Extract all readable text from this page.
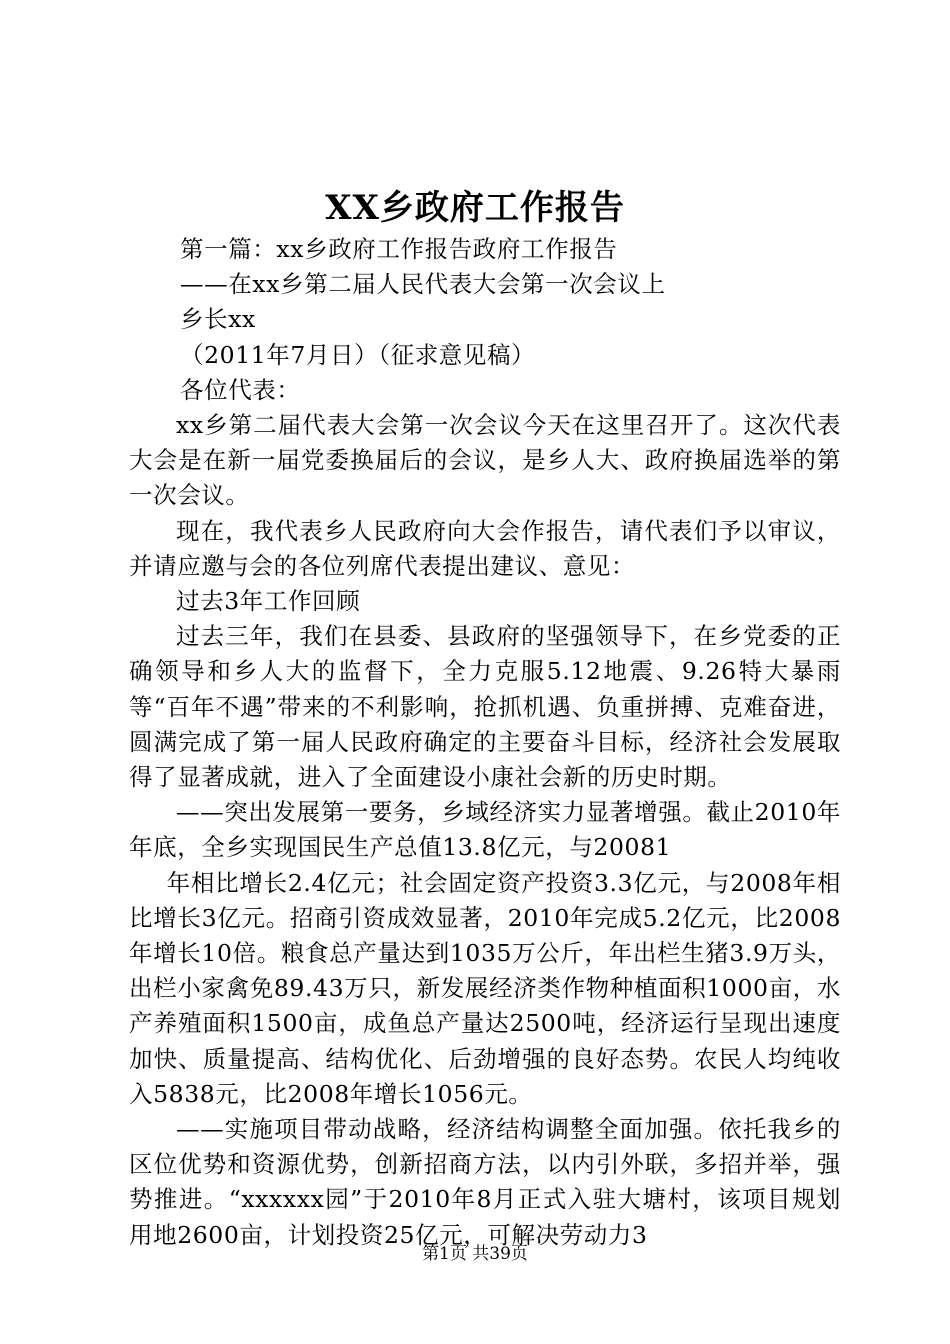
XX乡政府工作报告
第一篇：xx乡政府工作报告政府工作报告
——在xx乡第二届人民代表大会第一次会议上
乡长xx
（2011年7月日）（征求意见稿）
各位代表：
xx乡第二届代表大会第一次会议今天在这里召开了。这次代表大会是在新一届党委换届后的会议，是乡人大、政府换届选举的第一次会议。
现在，我代表乡人民政府向大会作报告，请代表们予以审议，并请应邀与会的各位列席代表提出建议、意见：
过去3年工作回顾
过去三年，我们在县委、县政府的坚强领导下，在乡党委的正确领导和乡人大的监督下，全力克服5.12地震、9.26特大暴雨等“百年不遇”带来的不利影响，抢抓机遇、负重拼搏、克难奋进，圆满完成了第一届人民政府确定的主要奋斗目标，经济社会发展取得了显著成就，进入了全面建设小康社会新的历史时期。
——突出发展第一要务，乡域经济实力显著增强。截止2010年年底，全乡实现国民生产总值13.8亿元，与20081
年相比增长2.4亿元；社会固定资产投资3.3亿元，与2008年相比增长3亿元。招商引资成效显著，2010年完成5.2亿元，比2008年增长10倍。粮食总产量达到1035万公斤，年出栏生猪3.9万头，出栏小家禽免89.43万只，新发展经济类作物种植面积1000亩，水产养殖面积1500亩，成鱼总产量达2500吨，经济运行呈现出速度加快、质量提高、结构优化、后劲增强的良好态势。农民人均纯收入5838元，比2008年增长1056元。
——实施项目带动战略，经济结构调整全面加强。依托我乡的区位优势和资源优势，创新招商方法，以内引外联，多招并举，强势推进。“xxxxxx园”于2010年8月正式入驻大塘村，该项目规划用地2600亩，计划投资25亿元，可解决劳动力3
第1页 共39页
